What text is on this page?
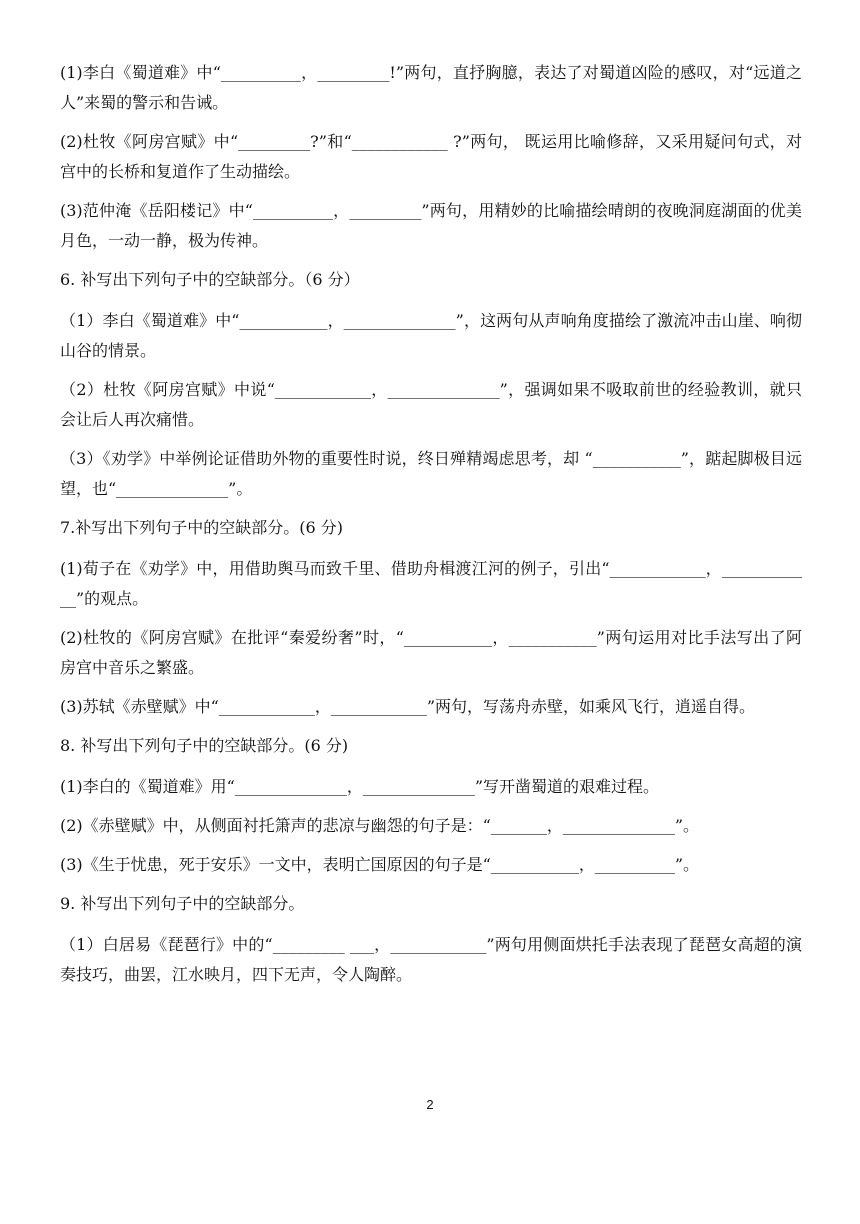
(1)李白《蜀道难》中“__________，_________!”两句，直抒胸臆，表达了对蜀道凶险的感叹，对“远道之人”来蜀的警示和告诫。

(2)杜牧《阿房宫赋》中“_________?”和“____________ ?”两句， 既运用比喻修辞，又采用疑问句式，对宫中的长桥和复道作了生动描绘。

(3)范仲淹《岳阳楼记》中“__________，_________”两句，用精妙的比喻描绘晴朗的夜晚洞庭湖面的优美月色，一动一静，极为传神。

6. 补写出下列句子中的空缺部分。（6 分）

（1）李白《蜀道难》中“___________，______________”，这两句从声响角度描绘了激流冲击山崖、响彻山谷的情景。

（2）杜牧《阿房宫赋》中说“____________，______________”，强调如果不吸取前世的经验教训，就只会让后人再次痛惜。

（3）《劝学》中举例论证借助外物的重要性时说，终日殚精竭虑思考，却 “___________”，踮起脚极目远望，也“______________”。

7.补写出下列句子中的空缺部分。(6 分)

(1)荀子在《劝学》中，用借助舆马而致千里、借助舟楫渡江河的例子，引出“____________，____________”的观点。

(2)杜牧的《阿房宫赋》在批评“秦爱纷奢”时，“___________，___________”两句运用对比手法写出了阿房宫中音乐之繁盛。

(3)苏轼《赤壁赋》中“____________，____________”两句，写荡舟赤壁，如乘风飞行，逍遥自得。

8. 补写出下列句子中的空缺部分。(6 分)

(1)李白的《蜀道难》用“______________，______________”写开凿蜀道的艰难过程。

(2)《赤壁赋》中，从侧面衬托箫声的悲凉与幽怨的句子是：“_______，______________”。

(3)《生于忧患，死于安乐》一文中，表明亡国原因的句子是“___________，__________”。

9. 补写出下列句子中的空缺部分。

（1）白居易《琵琶行》中的“_________ ___，____________”两句用侧面烘托手法表现了琵琶女高超的演奏技巧，曲罢，江水映月，四下无声，令人陶醉。

2
